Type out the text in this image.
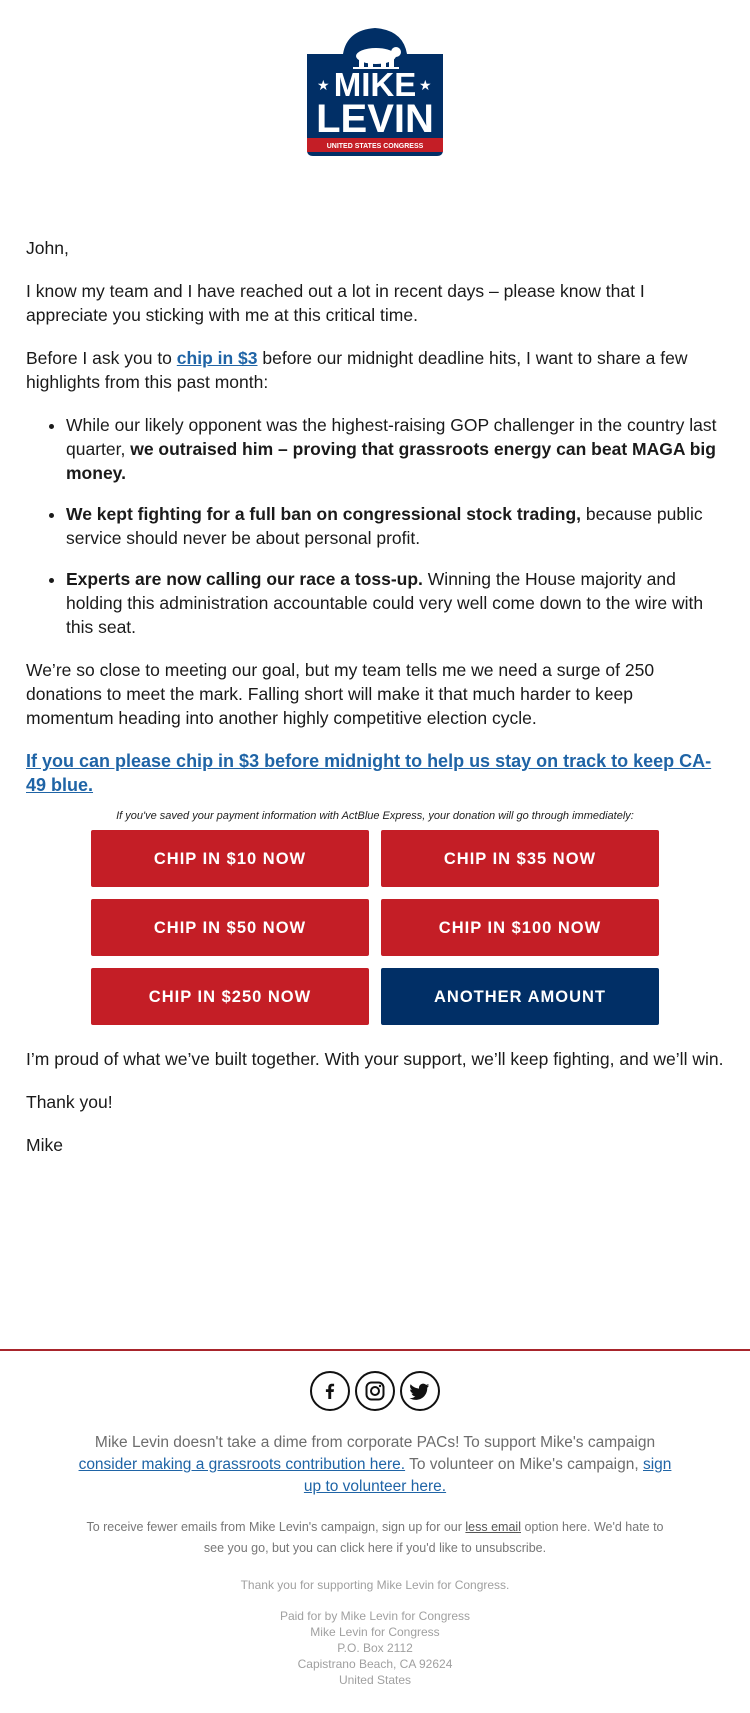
★	★
MIKE
LEVIN
UNITED STATES CONGRESS

John,

I know my team and I have reached out a lot in recent days – please know that I appreciate you sticking with me at this critical time.

Before I ask you to chip in $3 before our midnight deadline hits, I want to share a few highlights from this past month:

• While our likely opponent was the highest-raising GOP challenger in the country last quarter, we outraised him – proving that grassroots energy can beat MAGA big money.
• We kept fighting for a full ban on congressional stock trading, because public service should never be about personal profit.
• Experts are now calling our race a toss-up. Winning the House majority and holding this administration accountable could very well come down to the wire with this seat.

We’re so close to meeting our goal, but my team tells me we need a surge of 250 donations to meet the mark. Falling short will make it that much harder to keep momentum heading into another highly competitive election cycle.

If you can please chip in $3 before midnight to help us stay on track to keep CA-49 blue.

If you've saved your payment information with ActBlue Express, your donation will go through immediately:

CHIP IN $10 NOW	CHIP IN $35 NOW
CHIP IN $50 NOW	CHIP IN $100 NOW
CHIP IN $250 NOW	ANOTHER AMOUNT

I’m proud of what we’ve built together. With your support, we’ll keep fighting, and we’ll win.

Thank you!

Mike

Mike Levin doesn't take a dime from corporate PACs! To support Mike's campaign consider making a grassroots contribution here. To volunteer on Mike's campaign, sign up to volunteer here.

To receive fewer emails from Mike Levin's campaign, sign up for our less email option here. We'd hate to see you go, but you can click here if you'd like to unsubscribe.

Thank you for supporting Mike Levin for Congress.
Paid for by Mike Levin for Congress
Mike Levin for Congress
P.O. Box 2112
Capistrano Beach, CA 92624
United States
